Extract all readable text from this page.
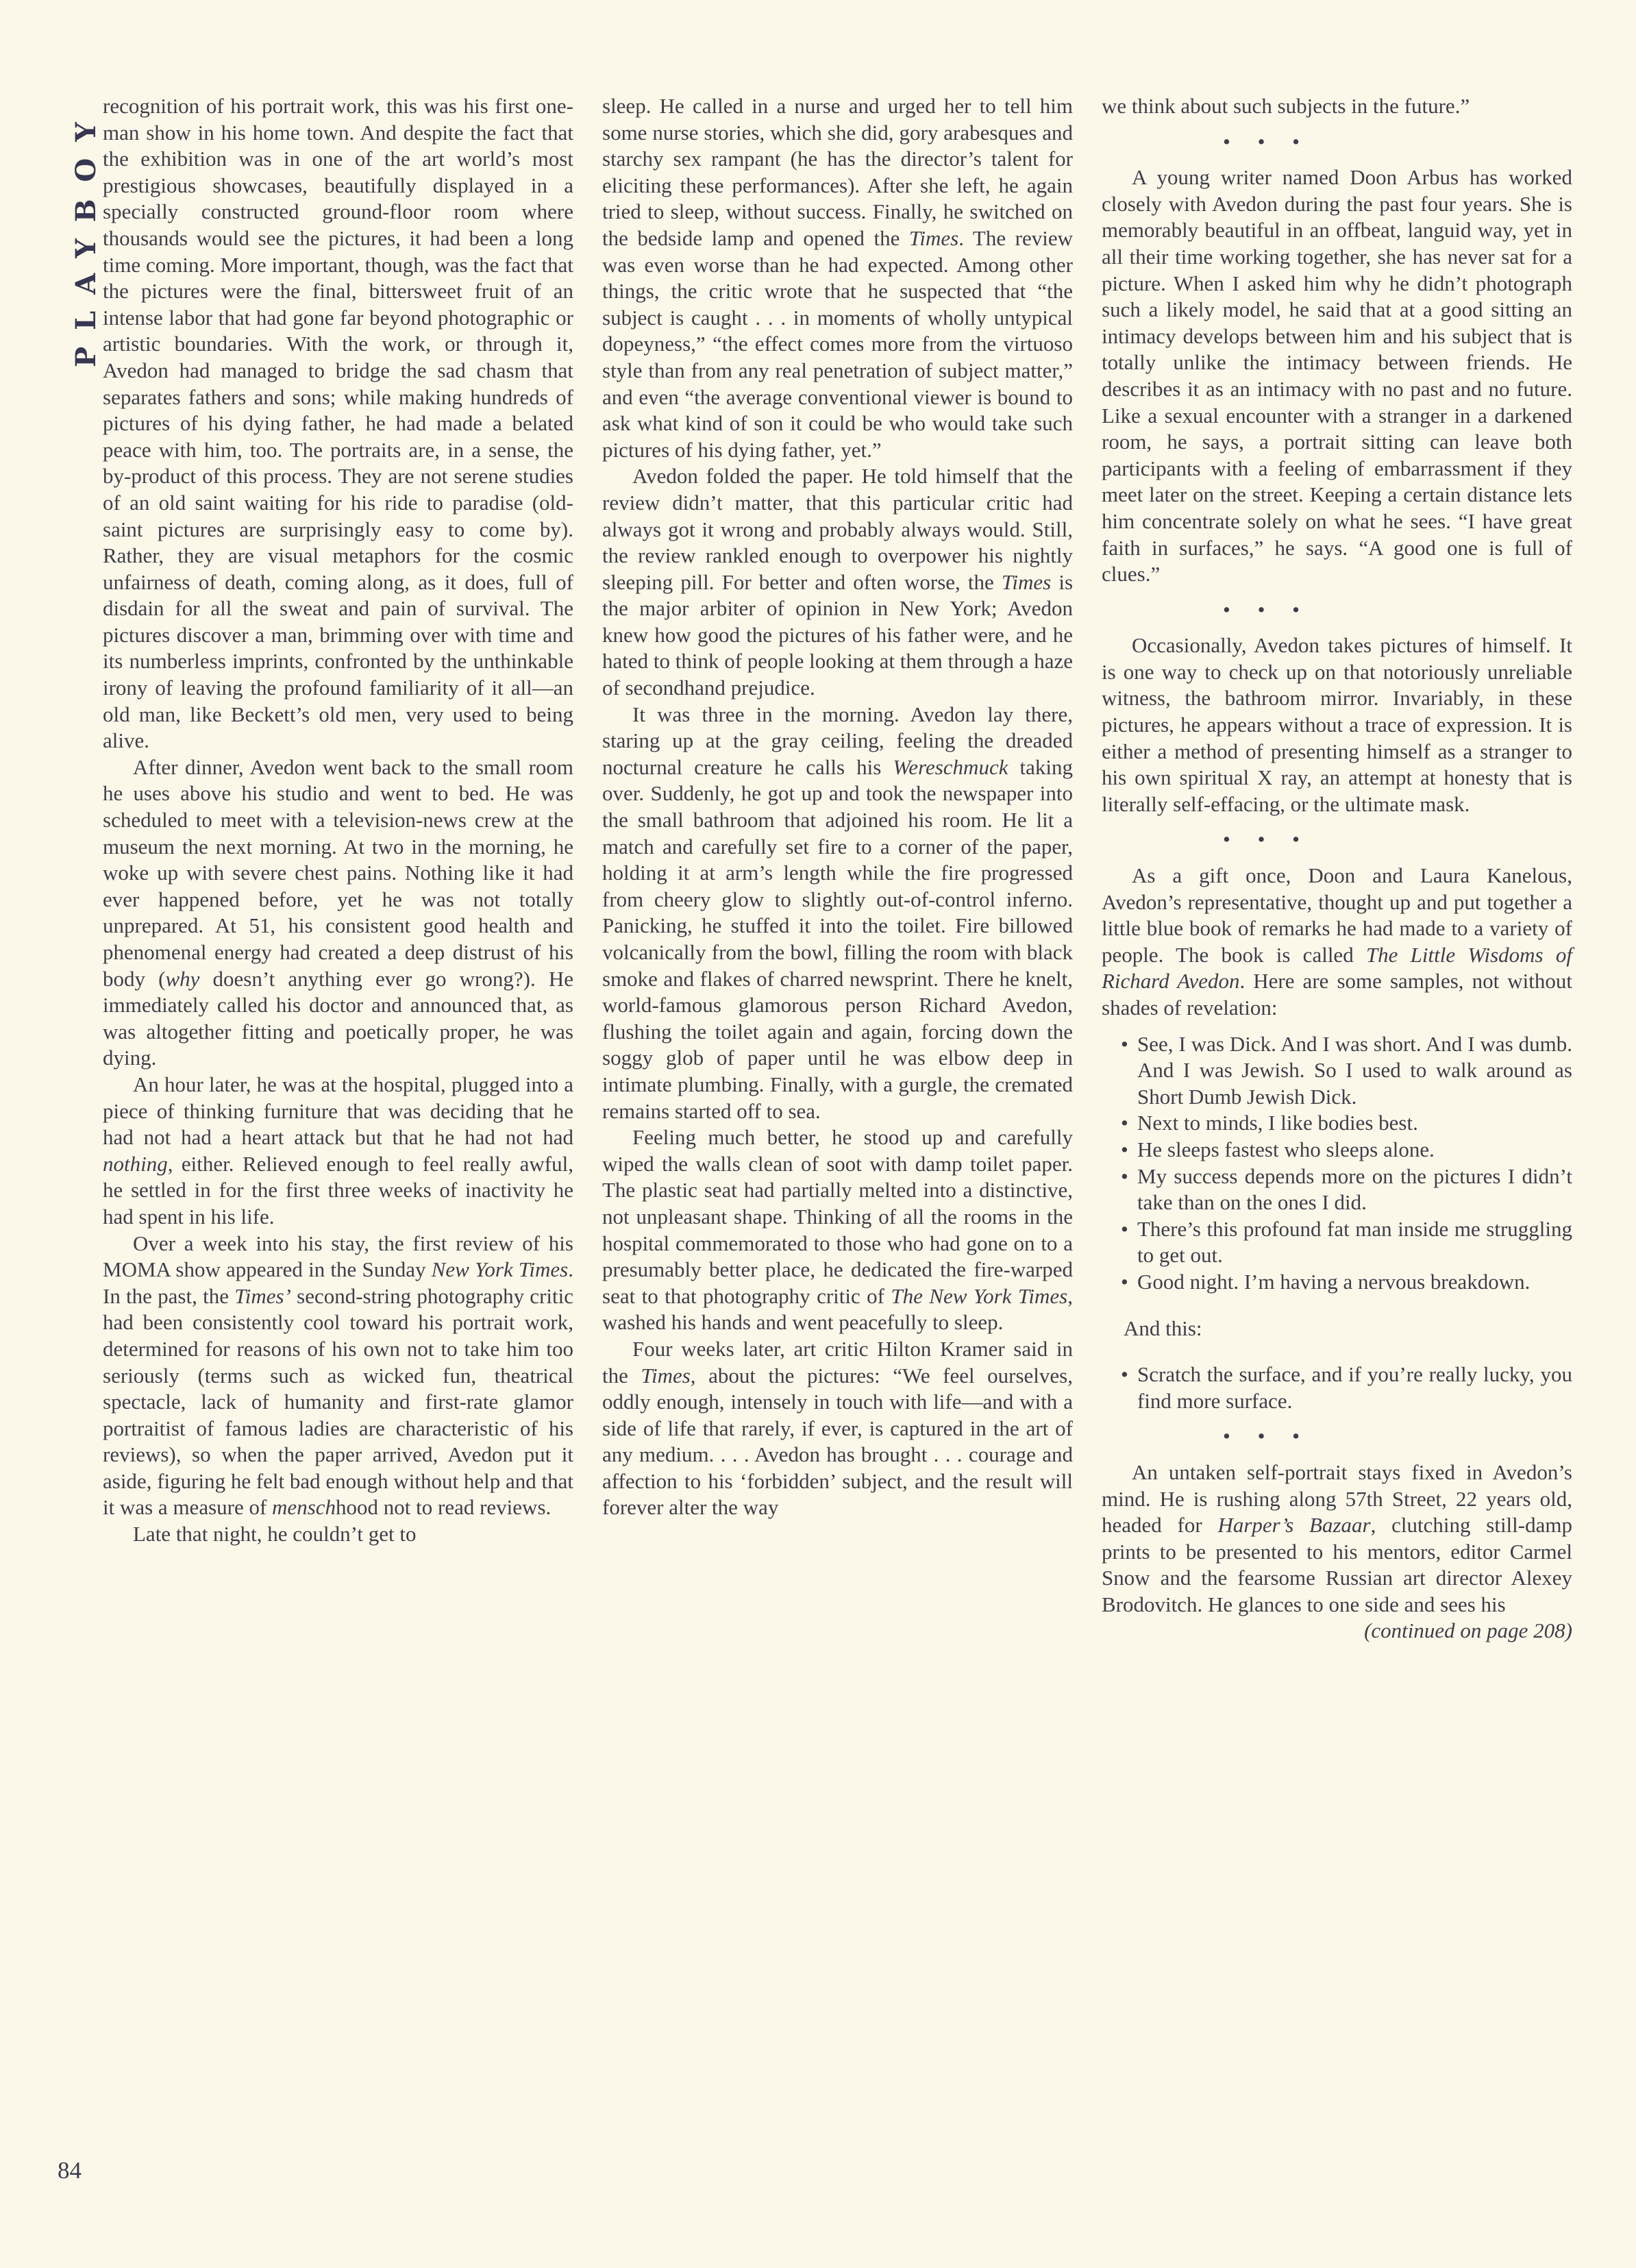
PLAYBOY
84

recognition of his portrait work, this was his first one-man show in his home town. And despite the fact that the exhibition was in one of the art world’s most prestigious showcases, beautifully displayed in a specially constructed ground-floor room where thousands would see the pictures, it had been a long time coming. More important, though, was the fact that the pictures were the final, bittersweet fruit of an intense labor that had gone far beyond photographic or artistic boundaries. With the work, or through it, Avedon had managed to bridge the sad chasm that separates fathers and sons; while making hundreds of pictures of his dying father, he had made a belated peace with him, too. The portraits are, in a sense, the by-product of this process. They are not serene studies of an old saint waiting for his ride to paradise (old-saint pictures are surprisingly easy to come by). Rather, they are visual metaphors for the cosmic unfairness of death, coming along, as it does, full of disdain for all the sweat and pain of survival. The pictures discover a man, brimming over with time and its numberless imprints, confronted by the unthinkable irony of leaving the profound familiarity of it all—an old man, like Beckett’s old men, very used to being alive.

After dinner, Avedon went back to the small room he uses above his studio and went to bed. He was scheduled to meet with a television-news crew at the museum the next morning. At two in the morning, he woke up with severe chest pains. Nothing like it had ever happened before, yet he was not totally unprepared. At 51, his consistent good health and phenomenal energy had created a deep distrust of his body (why doesn’t anything ever go wrong?). He immediately called his doctor and announced that, as was altogether fitting and poetically proper, he was dying.

An hour later, he was at the hospital, plugged into a piece of thinking furniture that was deciding that he had not had a heart attack but that he had not had nothing, either. Relieved enough to feel really awful, he settled in for the first three weeks of inactivity he had spent in his life.

Over a week into his stay, the first review of his MOMA show appeared in the Sunday New York Times. In the past, the Times’ second-string photography critic had been consistently cool toward his portrait work, determined for reasons of his own not to take him too seriously (terms such as wicked fun, theatrical spectacle, lack of humanity and first-rate glamor portraitist of famous ladies are characteristic of his reviews), so when the paper arrived, Avedon put it aside, figuring he felt bad enough without help and that it was a measure of menschhood not to read reviews.

Late that night, he couldn’t get to

sleep. He called in a nurse and urged her to tell him some nurse stories, which she did, gory arabesques and starchy sex rampant (he has the director’s talent for eliciting these performances). After she left, he again tried to sleep, without success. Finally, he switched on the bedside lamp and opened the Times. The review was even worse than he had expected. Among other things, the critic wrote that he suspected that “the subject is caught . . . in moments of wholly untypical dopeyness,” “the effect comes more from the virtuoso style than from any real penetration of subject matter,” and even “the average conventional viewer is bound to ask what kind of son it could be who would take such pictures of his dying father, yet.”

Avedon folded the paper. He told himself that the review didn’t matter, that this particular critic had always got it wrong and probably always would. Still, the review rankled enough to overpower his nightly sleeping pill. For better and often worse, the Times is the major arbiter of opinion in New York; Avedon knew how good the pictures of his father were, and he hated to think of people looking at them through a haze of secondhand prejudice.

It was three in the morning. Avedon lay there, staring up at the gray ceiling, feeling the dreaded nocturnal creature he calls his Wereschmuck taking over. Suddenly, he got up and took the newspaper into the small bathroom that adjoined his room. He lit a match and carefully set fire to a corner of the paper, holding it at arm’s length while the fire progressed from cheery glow to slightly out-of-control inferno. Panicking, he stuffed it into the toilet. Fire billowed volcanically from the bowl, filling the room with black smoke and flakes of charred newsprint. There he knelt, world-famous glamorous person Richard Avedon, flushing the toilet again and again, forcing down the soggy glob of paper until he was elbow deep in intimate plumbing. Finally, with a gurgle, the cremated remains started off to sea.

Feeling much better, he stood up and carefully wiped the walls clean of soot with damp toilet paper. The plastic seat had partially melted into a distinctive, not unpleasant shape. Thinking of all the rooms in the hospital commemorated to those who had gone on to a presumably better place, he dedicated the fire-warped seat to that photography critic of The New York Times, washed his hands and went peacefully to sleep.

Four weeks later, art critic Hilton Kramer said in the Times, about the pictures: “We feel ourselves, oddly enough, intensely in touch with life—and with a side of life that rarely, if ever, is captured in the art of any medium. . . . Avedon has brought . . . courage and affection to his ‘forbidden’ subject, and the result will forever alter the way

we think about such subjects in the future.”

• • •

A young writer named Doon Arbus has worked closely with Avedon during the past four years. She is memorably beautiful in an offbeat, languid way, yet in all their time working together, she has never sat for a picture. When I asked him why he didn’t photograph such a likely model, he said that at a good sitting an intimacy develops between him and his subject that is totally unlike the intimacy between friends. He describes it as an intimacy with no past and no future. Like a sexual encounter with a stranger in a darkened room, he says, a portrait sitting can leave both participants with a feeling of embarrassment if they meet later on the street. Keeping a certain distance lets him concentrate solely on what he sees. “I have great faith in surfaces,” he says. “A good one is full of clues.”

• • •

Occasionally, Avedon takes pictures of himself. It is one way to check up on that notoriously unreliable witness, the bathroom mirror. Invariably, in these pictures, he appears without a trace of expression. It is either a method of presenting himself as a stranger to his own spiritual X ray, an attempt at honesty that is literally self-effacing, or the ultimate mask.

• • •

As a gift once, Doon and Laura Kanelous, Avedon’s representative, thought up and put together a little blue book of remarks he had made to a variety of people. The book is called The Little Wisdoms of Richard Avedon. Here are some samples, not without shades of revelation:

• See, I was Dick. And I was short. And I was dumb. And I was Jewish. So I used to walk around as Short Dumb Jewish Dick.
• Next to minds, I like bodies best.
• He sleeps fastest who sleeps alone.
• My success depends more on the pictures I didn’t take than on the ones I did.
• There’s this profound fat man inside me struggling to get out.
• Good night. I’m having a nervous breakdown.

And this:

• Scratch the surface, and if you’re really lucky, you find more surface.
• • •

An untaken self-portrait stays fixed in Avedon’s mind. He is rushing along 57th Street, 22 years old, headed for Harper’s Bazaar, clutching still-damp prints to be presented to his mentors, editor Carmel Snow and the fearsome Russian art director Alexey Brodovitch. He glances to one side and sees his

(continued on page 208)
